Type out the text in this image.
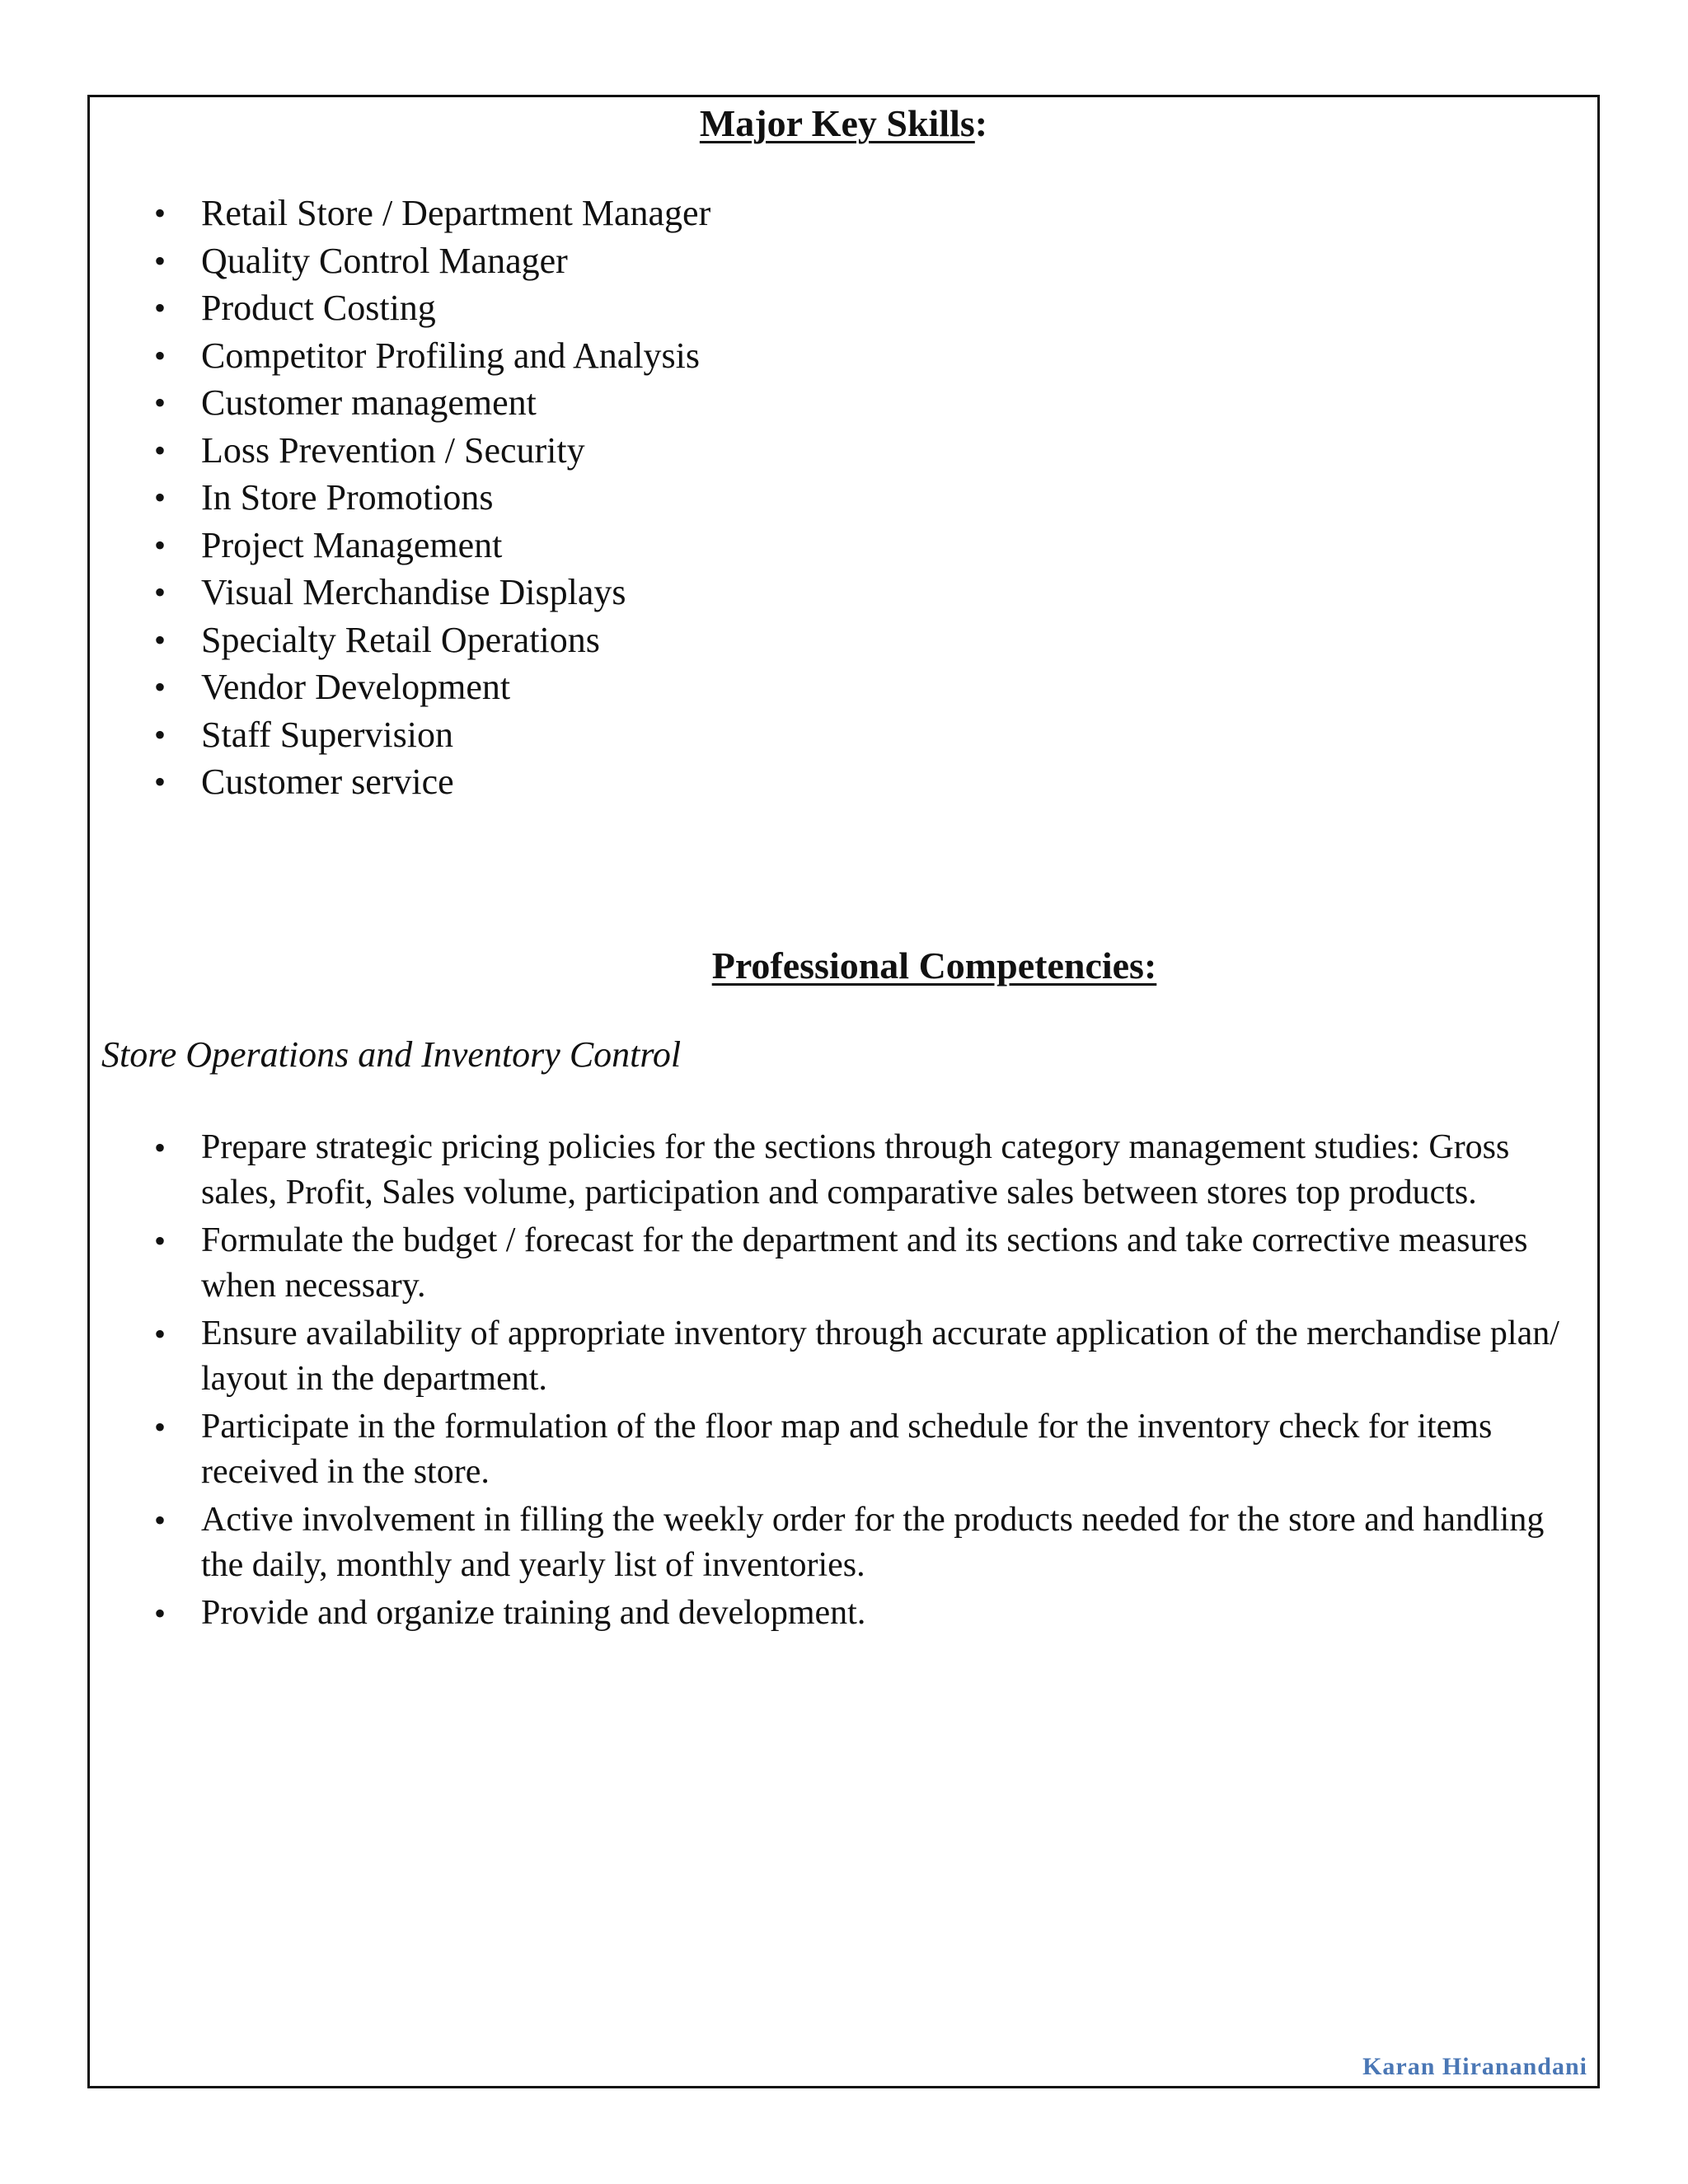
Major Key Skills:
• Retail Store / Department Manager
• Quality Control Manager
• Product Costing
• Competitor Profiling and Analysis
• Customer management
• Loss Prevention / Security
• In Store Promotions
• Project Management
• Visual Merchandise Displays
• Specialty Retail Operations
• Vendor Development
• Staff Supervision
• Customer service
Professional Competencies:
Store Operations and Inventory Control
• Prepare strategic pricing policies for the sections through category management studies: Gross sales, Profit, Sales volume, participation and comparative sales between stores top products.
• Formulate the budget / forecast for the department and its sections and take corrective measures when necessary.
• Ensure availability of appropriate inventory through accurate application of the merchandise plan/ layout in the department.
• Participate in the formulation of the floor map and schedule for the inventory check for items received in the store.
• Active involvement in filling the weekly order for the products needed for the store and handling the daily, monthly and yearly list of inventories.
• Provide and organize training and development.
Karan Hiranandani
